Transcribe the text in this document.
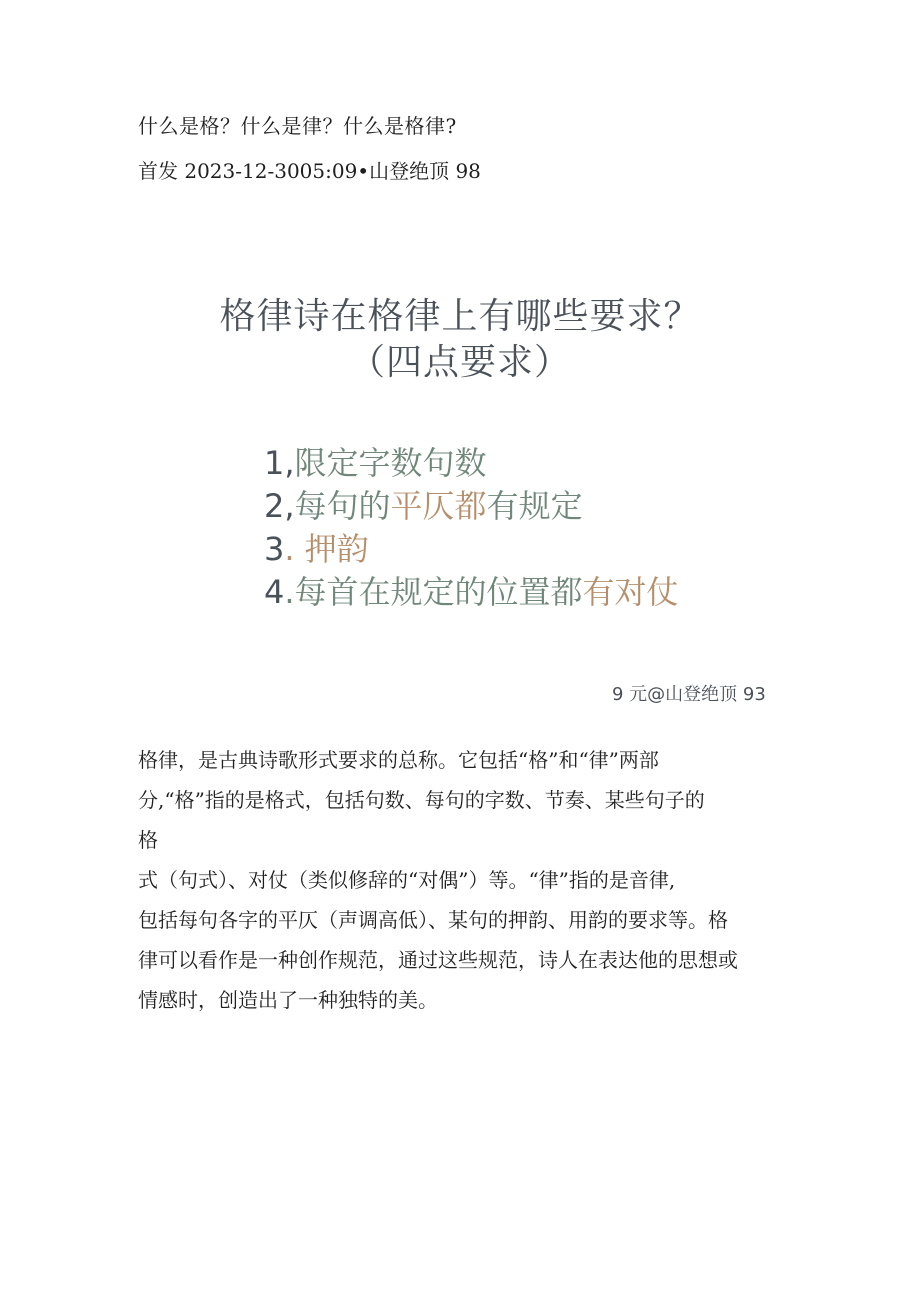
什么是格？什么是律？什么是格律?
首发 2023-12-3005:09•山登绝顶 98
格律诗在格律上有哪些要求？
（四点要求）
1,限定字数句数
2,每句的平仄都有规定
3. 押韵
4.每首在规定的位置都有对仗
9 元@山登绝顶 93
格律，是古典诗歌形式要求的总称。它包括“格”和“律”两部
分,“格”指的是格式，包括句数、每句的字数、节奏、某些句子的
格
式（句式）、对仗（类似修辞的“对偶”）等。“律”指的是音律,
包括每句各字的平仄（声调高低）、某句的押韵、用韵的要求等。格
律可以看作是一种创作规范，通过这些规范，诗人在表达他的思想或
情感时，创造出了一种独特的美。
